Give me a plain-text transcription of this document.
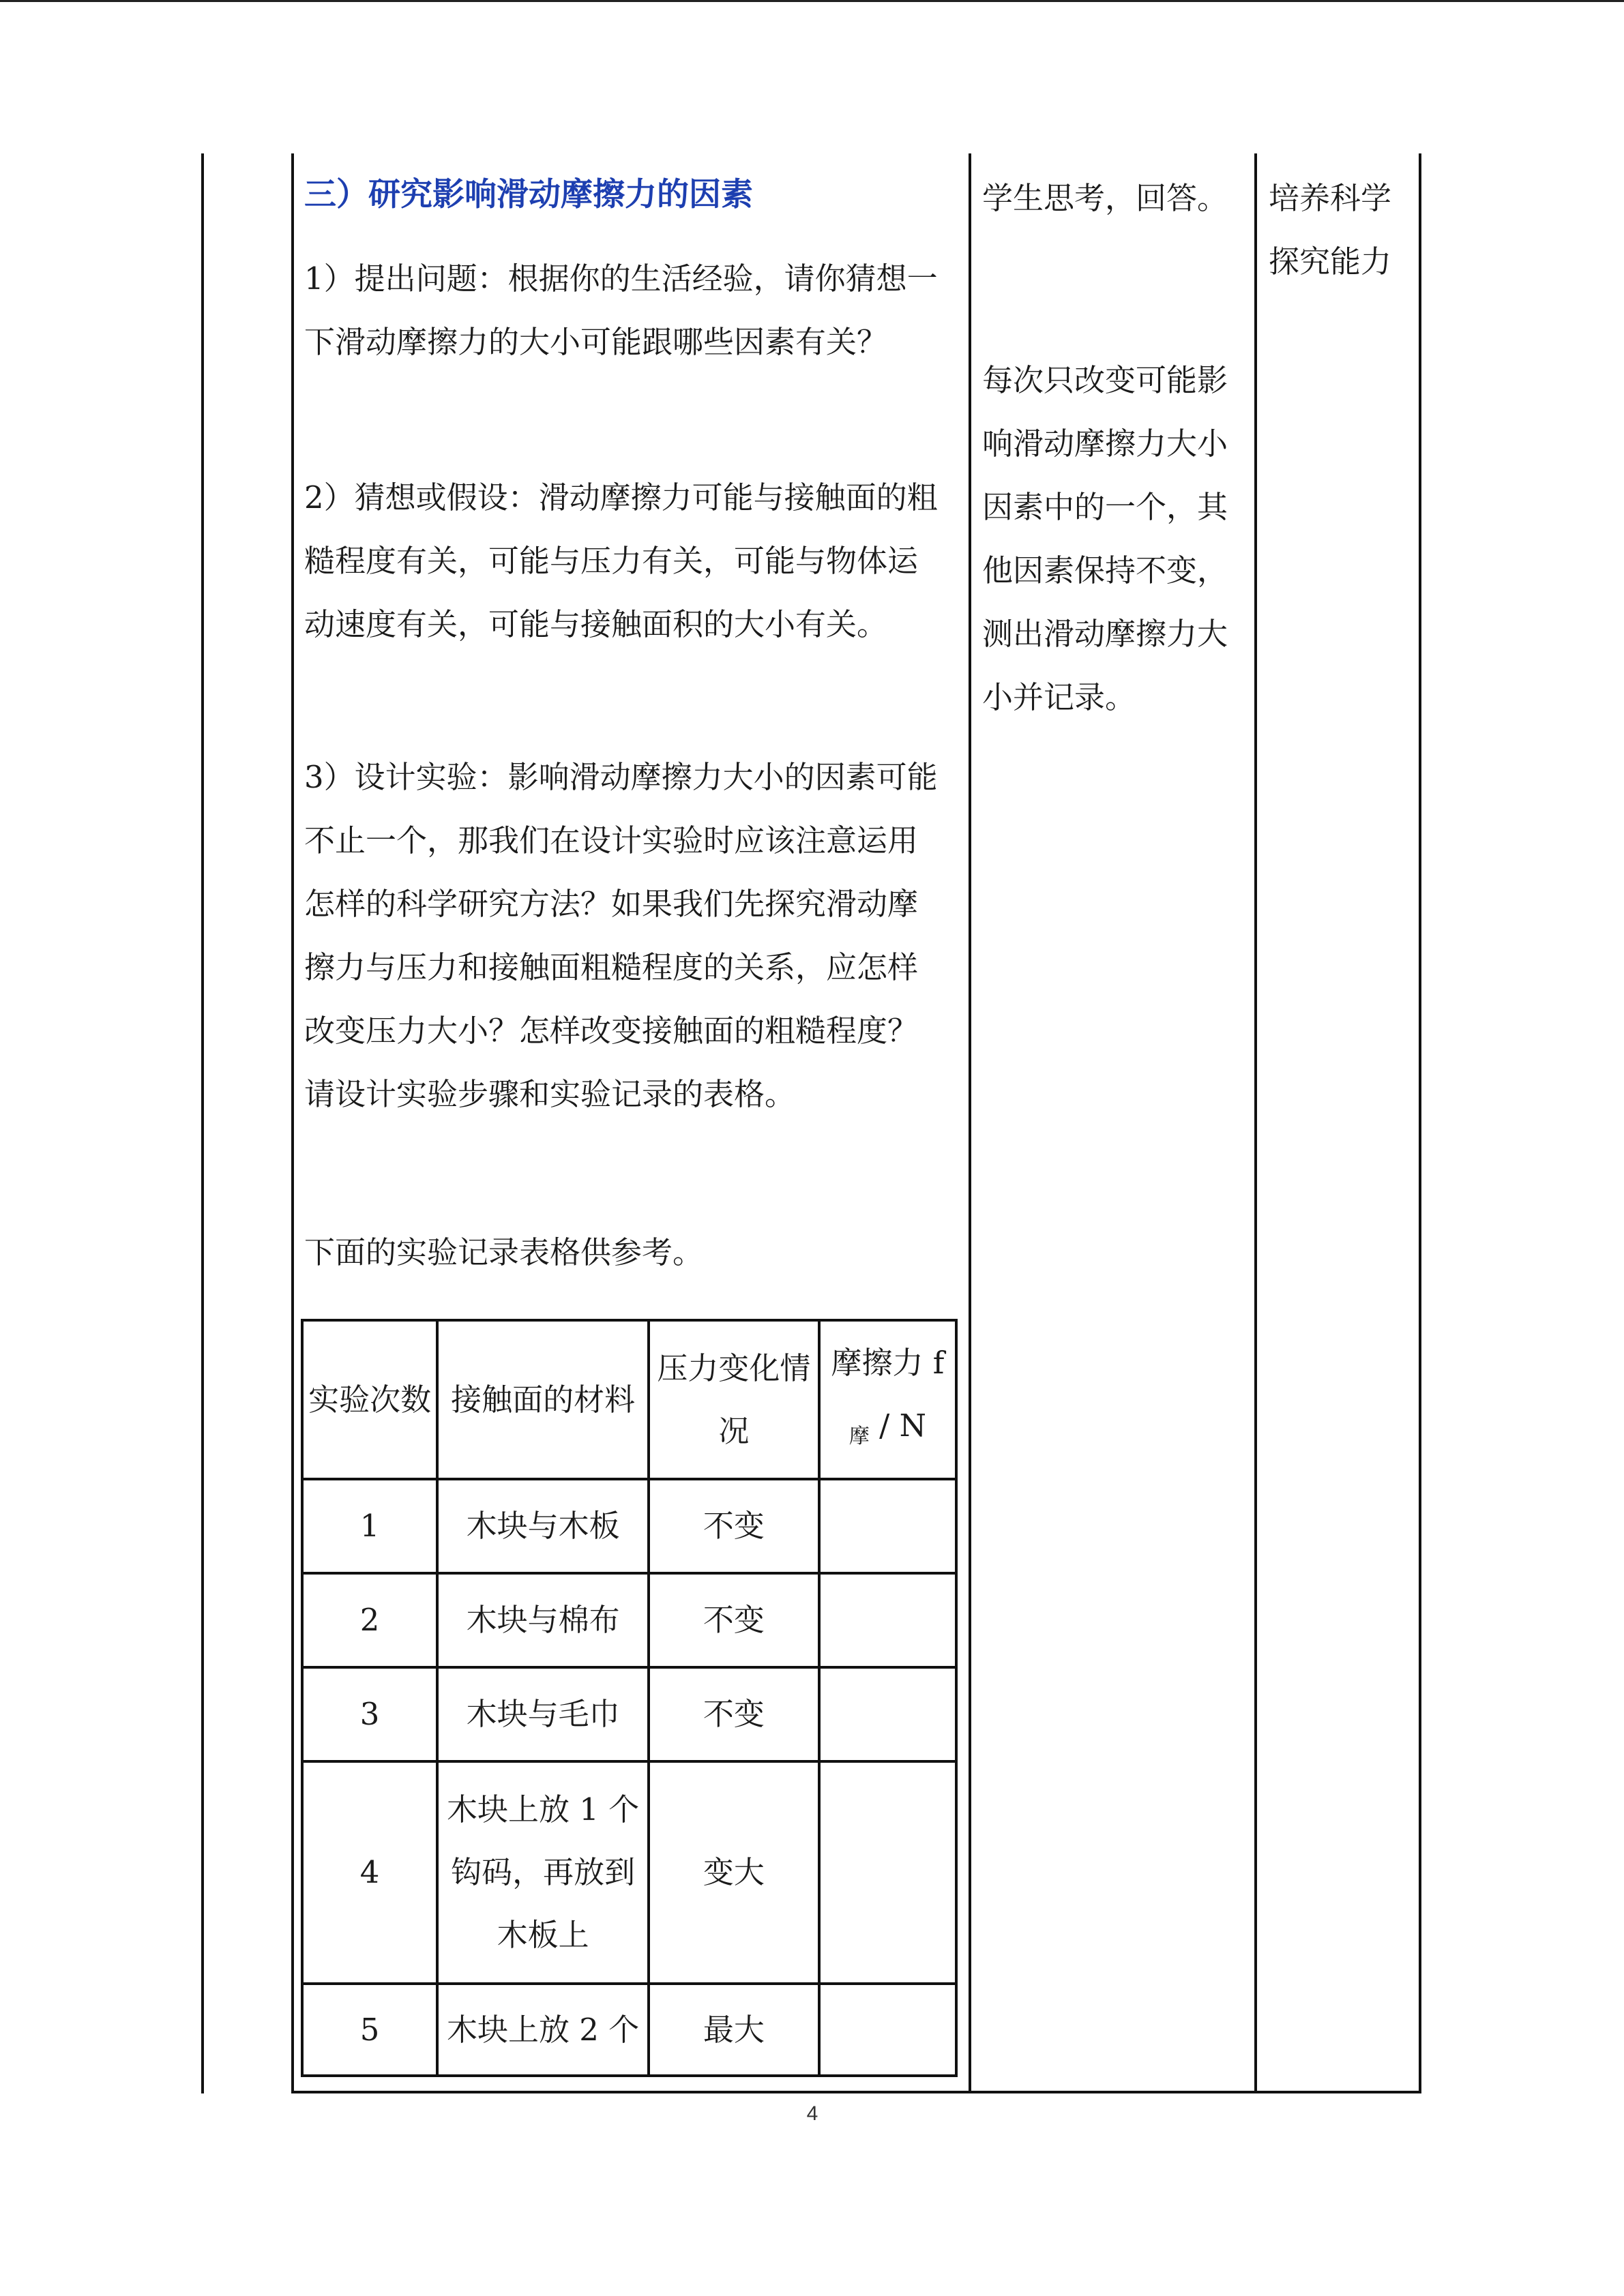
三）研究影响滑动摩擦力的因素

1）提出问题：根据你的生活经验，请你猜想一下滑动摩擦力的大小可能跟哪些因素有关？

2）猜想或假设：滑动摩擦力可能与接触面的粗糙程度有关，可能与压力有关，可能与物体运动速度有关，可能与接触面积的大小有关。

3）设计实验：影响滑动摩擦力大小的因素可能不止一个，那我们在设计实验时应该注意运用怎样的科学研究方法？如果我们先探究滑动摩擦力与压力和接触面粗糙程度的关系，应怎样改变压力大小？怎样改变接触面的粗糙程度？请设计实验步骤和实验记录的表格。

下面的实验记录表格供参考。

实验次数	接触面的材料	压力变化情况	摩擦力 f
$_摩$ / N
1	木块与木板	不变	
2	木块与棉布	不变	
3	木块与毛巾	不变	
4	木块上放 1 个钩码，再放到木板上	变大	
5	木块上放 2 个	最大	

学生思考，回答。

每次只改变可能影响滑动摩擦力大小因素中的一个，其他因素保持不变，测出滑动摩擦力大小并记录。

培养科学探究能力

4
